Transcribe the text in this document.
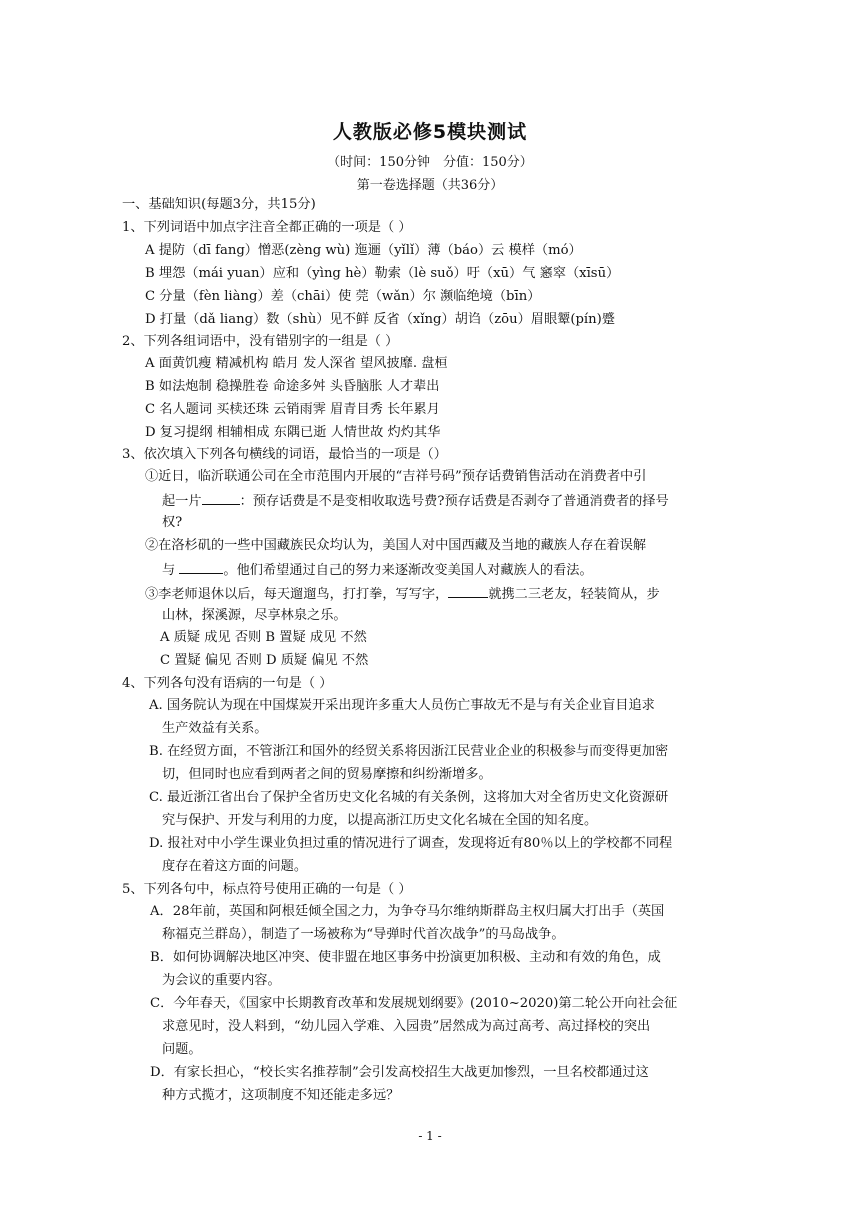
人教版必修5模块测试
（时间：150分钟　分值：150分）
第一卷选择题（共36分）
一、基础知识(每题3分，共15分)
1、下列词语中加点字注音全都正确的一项是（ ）
A 提防（dī fang）憎恶(zèng wù) 迤逦（yǐlǐ）薄（báo）云 模样（mó）
B 埋怨（mái yuan）应和（yìng hè）勒索（lè suǒ）吁（xū）气 窸窣（xīsū）
C 分量（fèn liàng）差（chāi）使 莞（wǎn）尔 濒临绝境（bīn）
D 打量（dǎ liang）数（shù）见不鲜 反省（xǐng）胡诌（zōu）眉眼颦(pín)蹙
2、下列各组词语中，没有错别字的一组是（ ）
A 面黄饥瘦 精减机构 皓月 发人深省 望风披靡. 盘桓
B 如法炮制 稳操胜卷 命途多舛 头昏脑胀 人才辈出
C 名人题词 买椟还珠 云销雨霁 眉青目秀 长年累月
D 复习提纲 相辅相成 东隅已逝 人情世故 灼灼其华
3、依次填入下列各句横线的词语，最恰当的一项是（）
①近日，临沂联通公司在全市范围内开展的“吉祥号码”预存话费销售活动在消费者中引
起一片	：预存话费是不是变相收取选号费?预存话费是否剥夺了普通消费者的择号
权?
②在洛杉矶的一些中国藏族民众均认为，美国人对中国西藏及当地的藏族人存在着误解
与	。他们希望通过自己的努力来逐渐改变美国人对藏族人的看法。
③李老师退休以后，每天遛遛鸟，打打拳，写写字，	就携二三老友，轻装简从，步
山林，探溪源，尽享林泉之乐。
A 质疑 成见 否则 B 置疑 成见 不然
C 置疑 偏见 否则 D 质疑 偏见 不然
4、下列各句没有语病的一句是（ ）
A. 国务院认为现在中国煤炭开采出现许多重大人员伤亡事故无不是与有关企业盲目追求
生产效益有关系。
B. 在经贸方面，不管浙江和国外的经贸关系将因浙江民营业企业的积极参与而变得更加密
切，但同时也应看到两者之间的贸易摩擦和纠纷渐增多。
C. 最近浙江省出台了保护全省历史文化名城的有关条例，这将加大对全省历史文化资源研
究与保护、开发与利用的力度，以提高浙江历史文化名城在全国的知名度。
D. 报社对中小学生课业负担过重的情况进行了调查，发现将近有80％以上的学校都不同程
度存在着这方面的问题。
5、下列各句中，标点符号使用正确的一句是（ ）
A．28年前，英国和阿根廷倾全国之力，为争夺马尔维纳斯群岛主权归属大打出手（英国
称福克兰群岛），制造了一场被称为“导弹时代首次战争”的马岛战争。
B．如何协调解决地区冲突、使非盟在地区事务中扮演更加积极、主动和有效的角色，成
为会议的重要内容。
C．今年春天，《国家中长期教育改革和发展规划纲要》(2010~2020)第二轮公开向社会征
求意见时，没人料到，“幼儿园入学难、入园贵”居然成为高过高考、高过择校的突出
问题。
D．有家长担心，“校长实名推荐制”会引发高校招生大战更加惨烈，一旦名校都通过这
种方式揽才，这项制度不知还能走多远？
- 1 -
